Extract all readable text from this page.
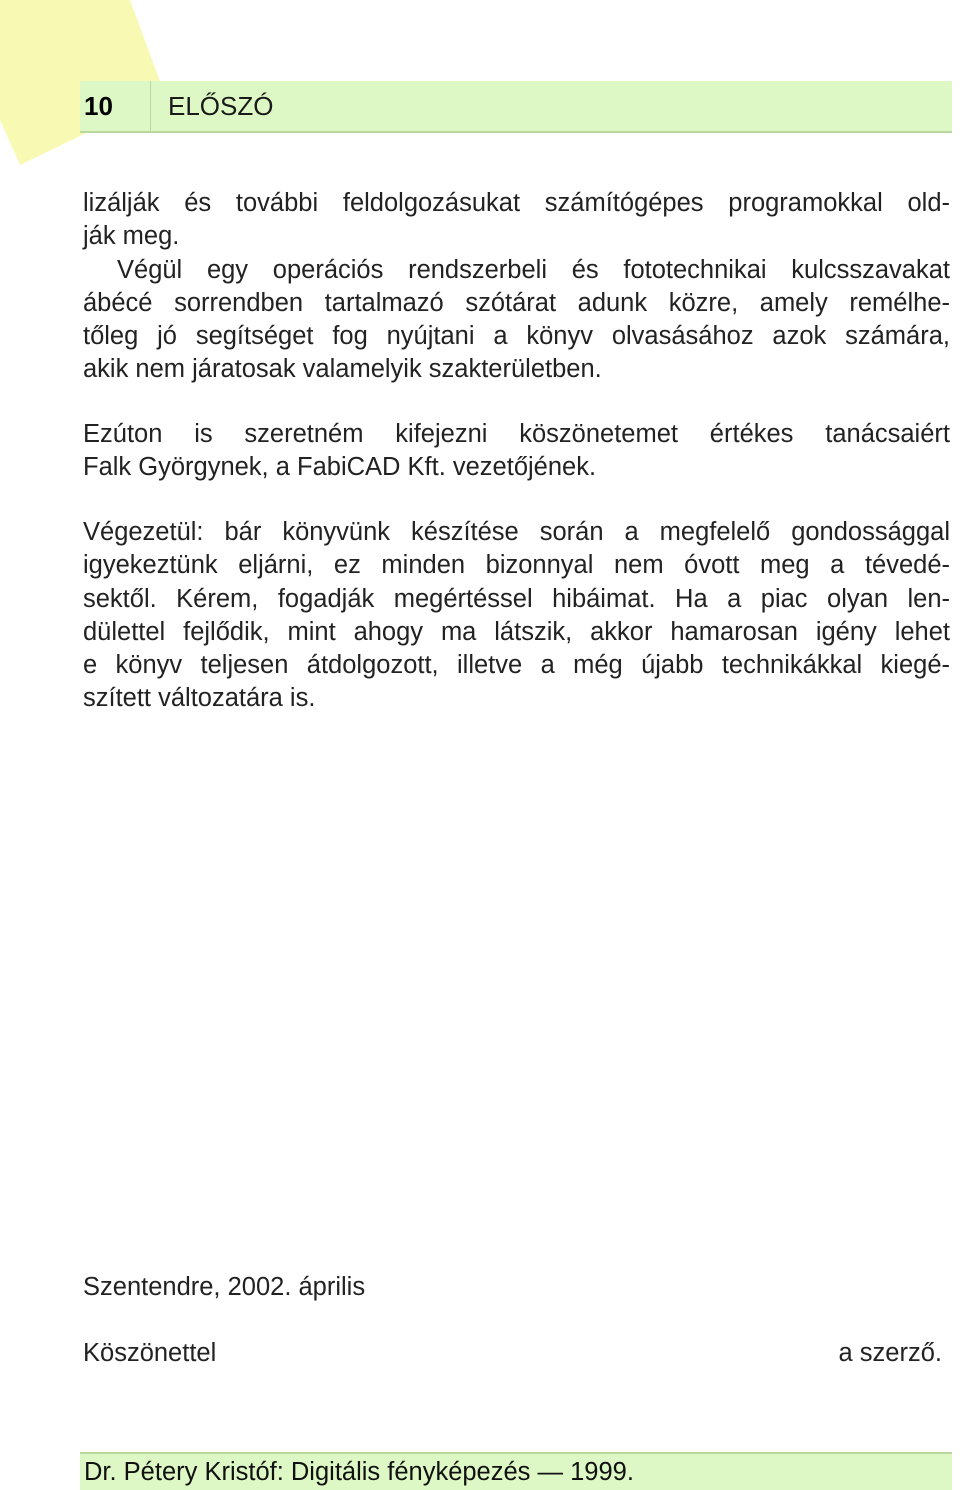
10 ELŐSZÓ
lizálják és további feldolgozásukat számítógépes programokkal old-
ják meg.
Végül egy operációs rendszerbeli és fototechnikai kulcsszavakat
ábécé sorrendben tartalmazó szótárat adunk közre, amely remélhe-
tőleg jó segítséget fog nyújtani a könyv olvasásához azok számára,
akik nem járatosak valamelyik szakterületben.
Ezúton is szeretném kifejezni köszönetemet értékes tanácsaiért
Falk Györgynek, a FabiCAD Kft. vezetőjének.
Végezetül: bár könyvünk készítése során a megfelelő gondossággal
igyekeztünk eljárni, ez minden bizonnyal nem óvott meg a tévedé-
sektől. Kérem, fogadják megértéssel hibáimat. Ha a piac olyan len-
dülettel fejlődik, mint ahogy ma látszik, akkor hamarosan igény lehet
e könyv teljesen átdolgozott, illetve a még újabb technikákkal kiegé-
szített változatára is.
Szentendre, 2002. április
Köszönettel	a szerző.
Dr. Pétery Kristóf: Digitális fényképezés — 1999.
